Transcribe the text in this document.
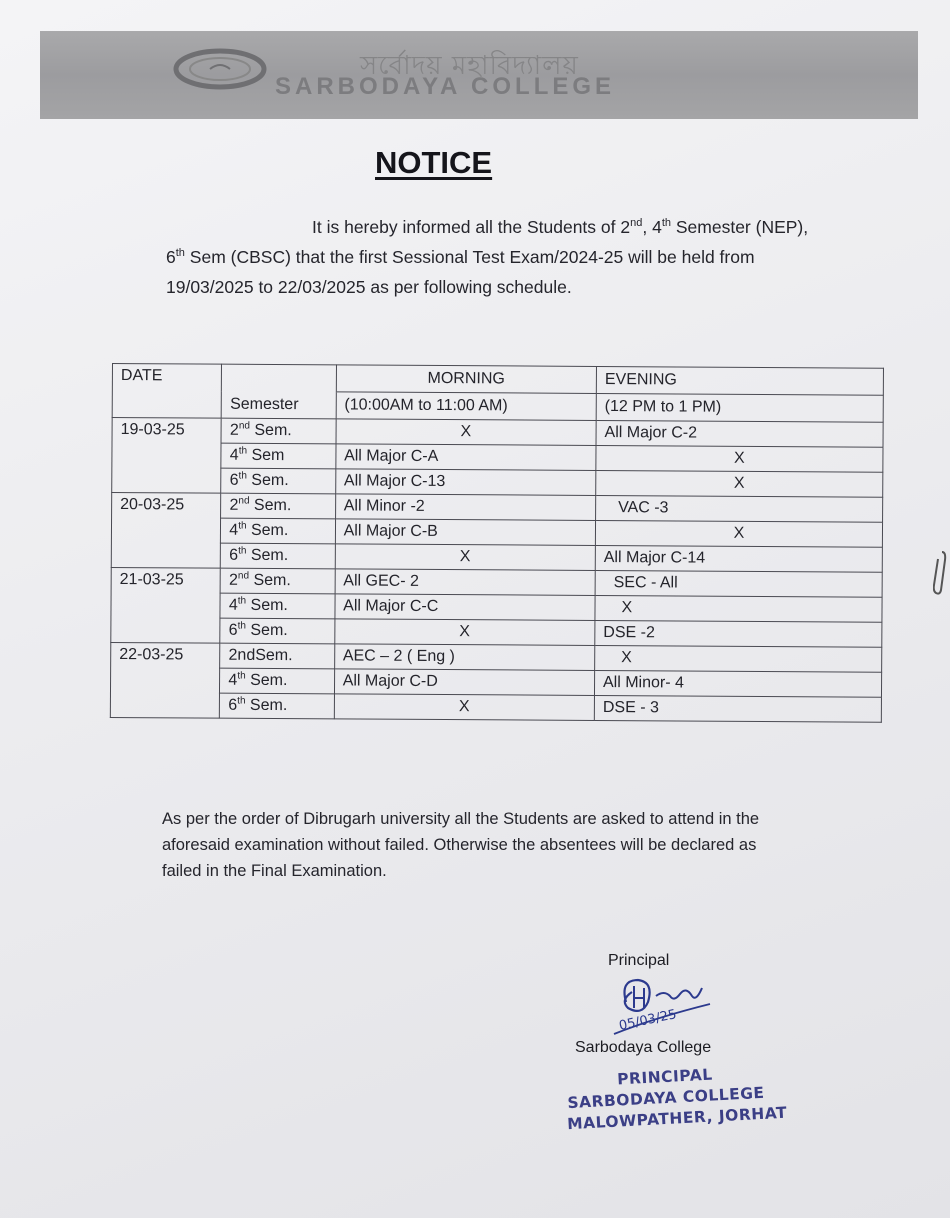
সৰ্বোদয় মহাবিদ্যালয়
SARBODAYA COLLEGE
NOTICE
It is hereby informed all the Students of 2nd, 4th Semester (NEP),
6th Sem (CBSC) that the first Sessional Test Exam/2024-25 will be held from
19/03/2025 to 22/03/2025 as per following schedule.
DATE		MORNING	EVENING
	Semester	(10:00AM to 11:00 AM)	(12 PM to 1 PM)
19-03-25	2nd Sem.	X	All Major C-2
	4th Sem	All Major C-A	X
	6th Sem.	All Major C-13	X
20-03-25	2nd Sem.	All Minor -2	VAC -3
	4th Sem.	All Major C-B	X
	6th Sem.	X	All Major C-14
21-03-25	2nd Sem.	All GEC- 2	SEC - All
	4th Sem.	All Major C-C	X
	6th Sem.	X	DSE -2
22-03-25	2ndSem.	AEC – 2 ( Eng )	X
	4th Sem.	All Major C-D	All Minor- 4
	6th Sem.	X	DSE - 3
As per the order of Dibrugarh university all the Students are asked to attend in the
aforesaid examination without failed. Otherwise the absentees will be declared as
failed in the Final Examination.
Principal
05/03/25
Sarbodaya College
PRINCIPAL
SARBODAYA COLLEGE
MALOWPATHER, JORHAT
